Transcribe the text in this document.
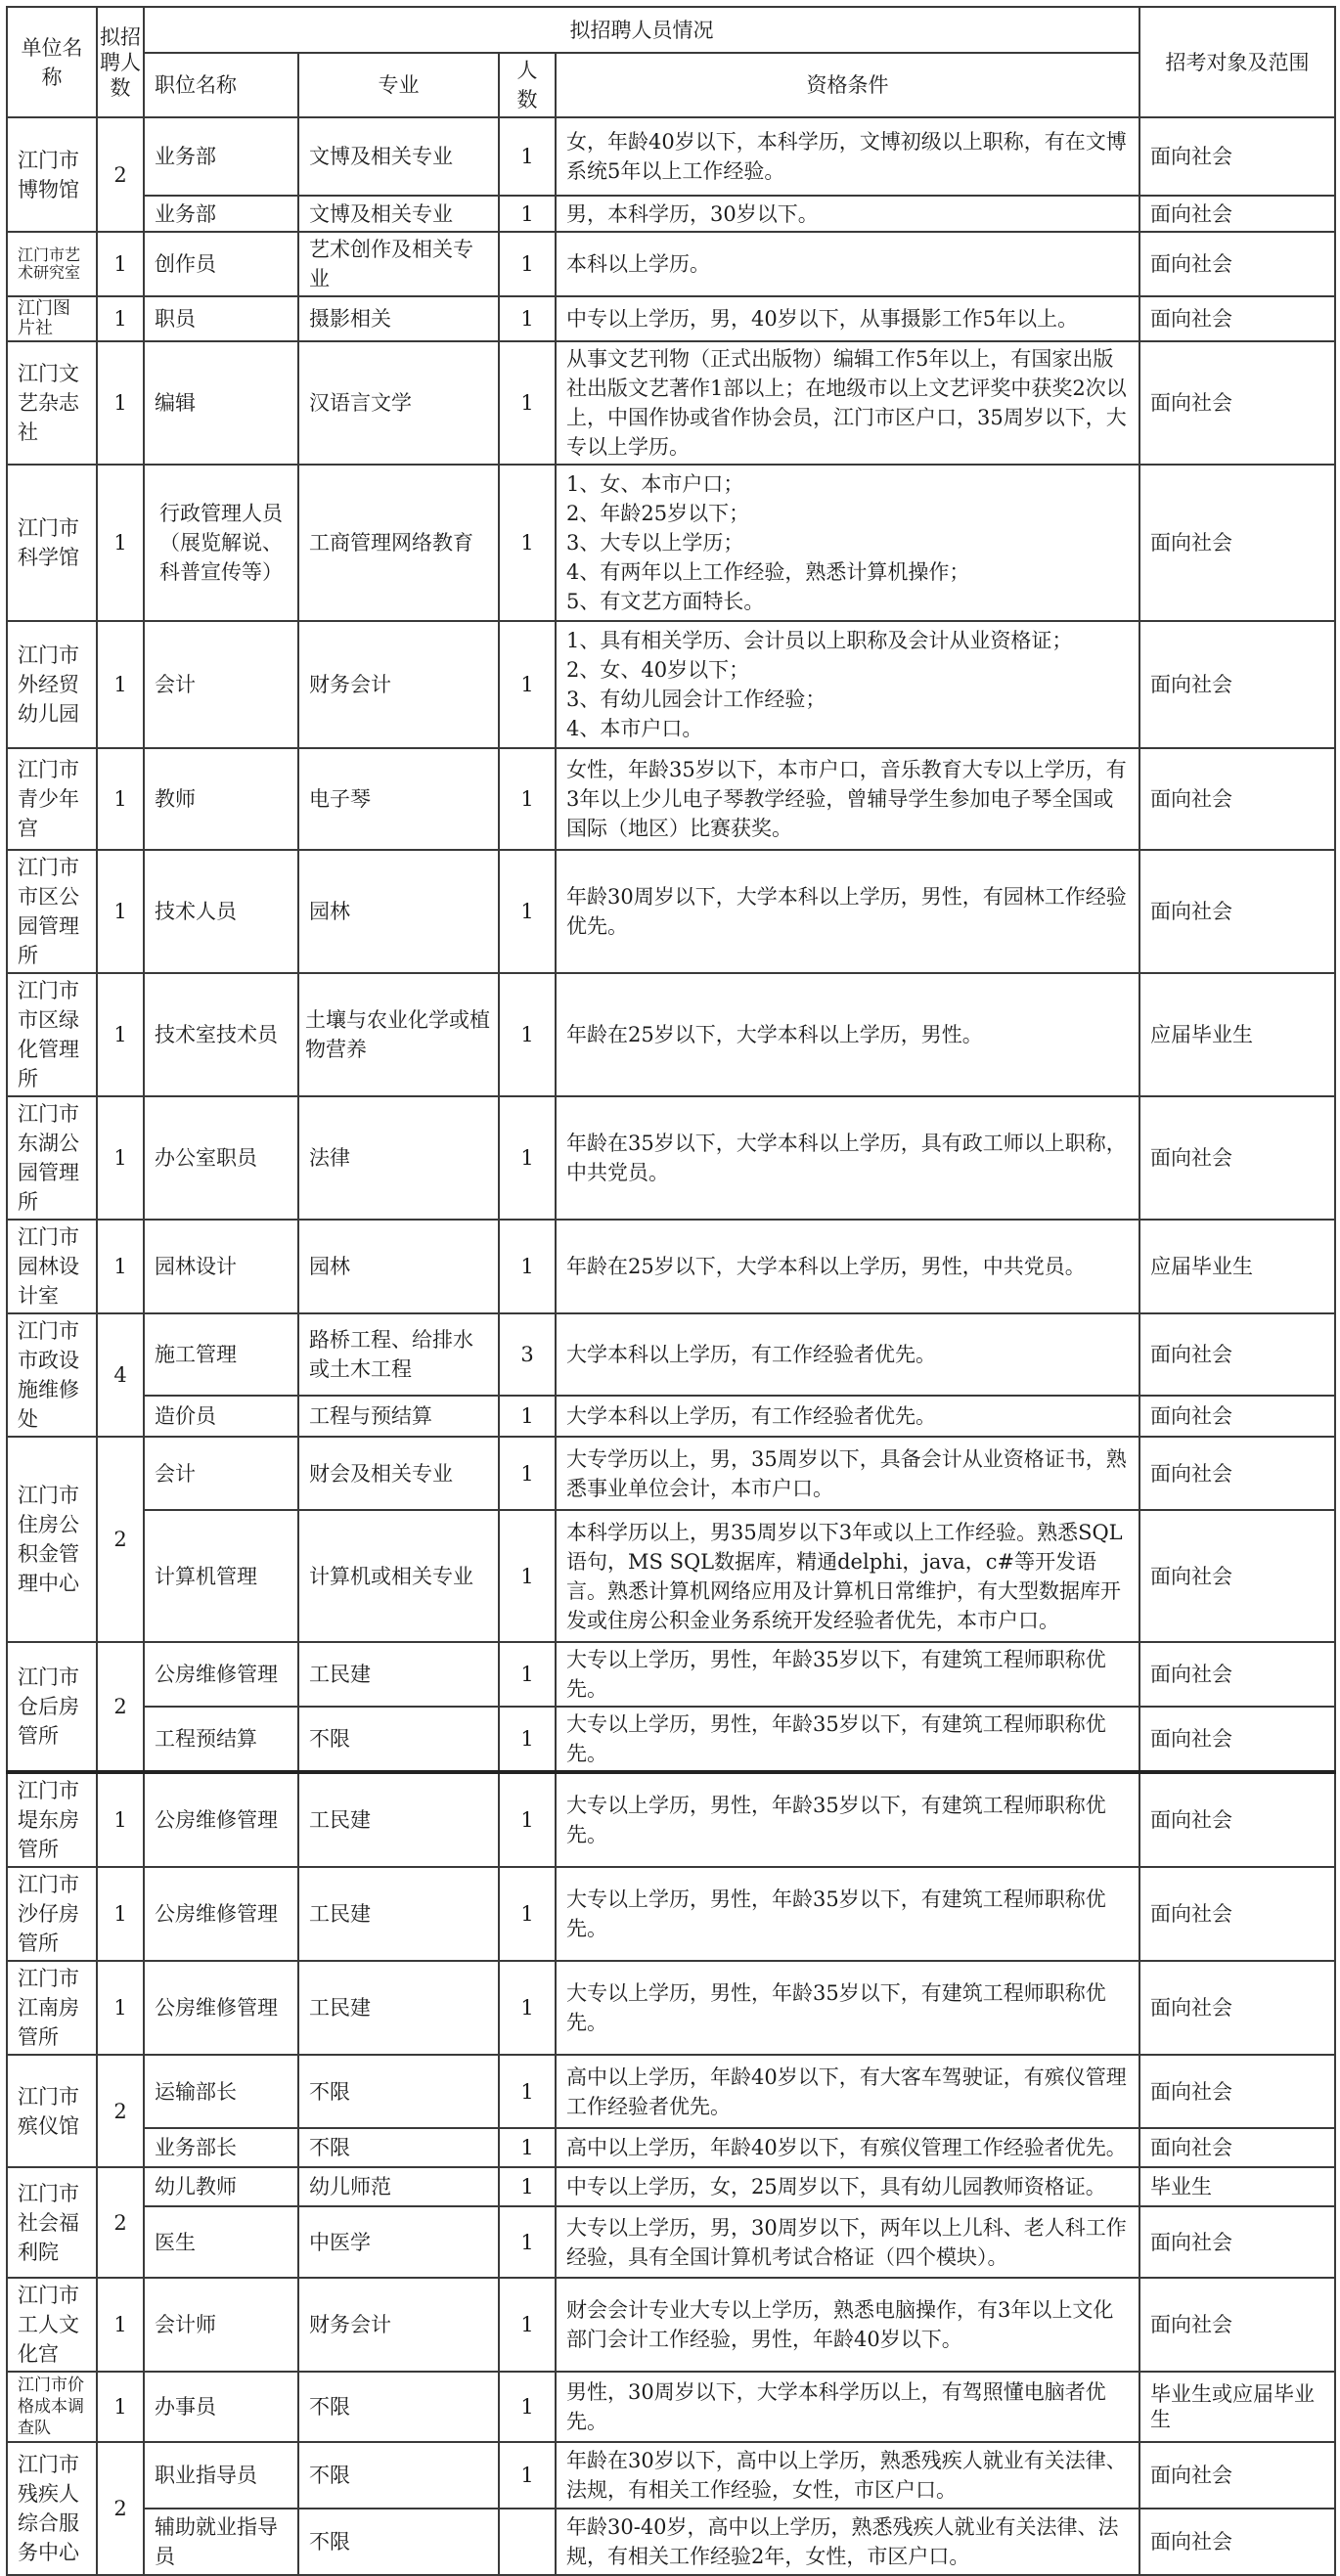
单位名称	拟招聘人数	拟招聘人员情况				招考对象及范围
		职位名称	专业	人数	资格条件	
江门市博物馆	2	业务部	文博及相关专业	1	女，年龄40岁以下，本科学历，文博初级以上职称，有在文博系统5年以上工作经验。	面向社会
		业务部	文博及相关专业	1	男，本科学历，30岁以下。	面向社会
江门市艺术研究室	1	创作员	艺术创作及相关专业	1	本科以上学历。	面向社会
江门图片社	1	职员	摄影相关	1	中专以上学历，男，40岁以下，从事摄影工作5年以上。	面向社会
江门文艺杂志社	1	编辑	汉语言文学	1	从事文艺刊物（正式出版物）编辑工作5年以上，有国家出版社出版文艺著作1部以上；在地级市以上文艺评奖中获奖2次以上，中国作协或省作协会员，江门市区户口，35周岁以下，大专以上学历。	面向社会
江门市科学馆	1	行政管理人员（展览解说、科普宣传等）	工商管理网络教育	1	1、女、本市户口；
2、年龄25岁以下；
3、大专以上学历；
4、有两年以上工作经验，熟悉计算机操作；
5、有文艺方面特长。	面向社会
江门市外经贸幼儿园	1	会计	财务会计	1	1、具有相关学历、会计员以上职称及会计从业资格证；
2、女、40岁以下；
3、有幼儿园会计工作经验；
4、本市户口。	面向社会
江门市青少年宫	1	教师	电子琴	1	女性，年龄35岁以下，本市户口，音乐教育大专以上学历，有3年以上少儿电子琴教学经验，曾辅导学生参加电子琴全国或国际（地区）比赛获奖。	面向社会
江门市市区公园管理所	1	技术人员	园林	1	年龄30周岁以下，大学本科以上学历，男性，有园林工作经验优先。	面向社会
江门市市区绿化管理所	1	技术室技术员	土壤与农业化学或植物营养	1	年龄在25岁以下，大学本科以上学历，男性。	应届毕业生
江门市东湖公园管理所	1	办公室职员	法律	1	年龄在35岁以下，大学本科以上学历，具有政工师以上职称，中共党员。	面向社会
江门市园林设计室	1	园林设计	园林	1	年龄在25岁以下，大学本科以上学历，男性，中共党员。	应届毕业生
江门市市政设施维修处	4	施工管理	路桥工程、给排水或土木工程	3	大学本科以上学历，有工作经验者优先。	面向社会
		造价员	工程与预结算	1	大学本科以上学历，有工作经验者优先。	面向社会
江门市住房公积金管理中心	2	会计	财会及相关专业	1	大专学历以上，男，35周岁以下，具备会计从业资格证书，熟悉事业单位会计，本市户口。	面向社会
		计算机管理	计算机或相关专业	1	本科学历以上，男35周岁以下3年或以上工作经验。熟悉SQL语句，MS SQL数据库，精通delphi，java，c#等开发语言。熟悉计算机网络应用及计算机日常维护，有大型数据库开发或住房公积金业务系统开发经验者优先，本市户口。	面向社会
江门市仓后房管所	2	公房维修管理	工民建	1	大专以上学历，男性，年龄35岁以下，有建筑工程师职称优先。	面向社会
		工程预结算	不限	1	大专以上学历，男性，年龄35岁以下，有建筑工程师职称优先。	面向社会
江门市堤东房管所	1	公房维修管理	工民建	1	大专以上学历，男性，年龄35岁以下，有建筑工程师职称优先。	面向社会
江门市沙仔房管所	1	公房维修管理	工民建	1	大专以上学历，男性，年龄35岁以下，有建筑工程师职称优先。	面向社会
江门市江南房管所	1	公房维修管理	工民建	1	大专以上学历，男性，年龄35岁以下，有建筑工程师职称优先。	面向社会
江门市殡仪馆	2	运输部长	不限	1	高中以上学历，年龄40岁以下，有大客车驾驶证，有殡仪管理工作经验者优先。	面向社会
		业务部长	不限	1	高中以上学历，年龄40岁以下，有殡仪管理工作经验者优先。	面向社会
江门市社会福利院	2	幼儿教师	幼儿师范	1	中专以上学历，女，25周岁以下，具有幼儿园教师资格证。	毕业生
		医生	中医学	1	大专以上学历，男，30周岁以下，两年以上儿科、老人科工作经验，具有全国计算机考试合格证（四个模块）。	面向社会
江门市工人文化宫	1	会计师	财务会计	1	财会会计专业大专以上学历，熟悉电脑操作，有3年以上文化部门会计工作经验，男性，年龄40岁以下。	面向社会
江门市价格成本调查队	1	办事员	不限	1	男性，30周岁以下，大学本科学历以上，有驾照懂电脑者优先。	毕业生或应届毕业生
江门市残疾人综合服务中心	2	职业指导员	不限	1	年龄在30岁以下，高中以上学历，熟悉残疾人就业有关法律、法规，有相关工作经验，女性，市区户口。	面向社会
		辅助就业指导员	不限		年龄30-40岁，高中以上学历，熟悉残疾人就业有关法律、法规，有相关工作经验2年，女性，市区户口。	面向社会
